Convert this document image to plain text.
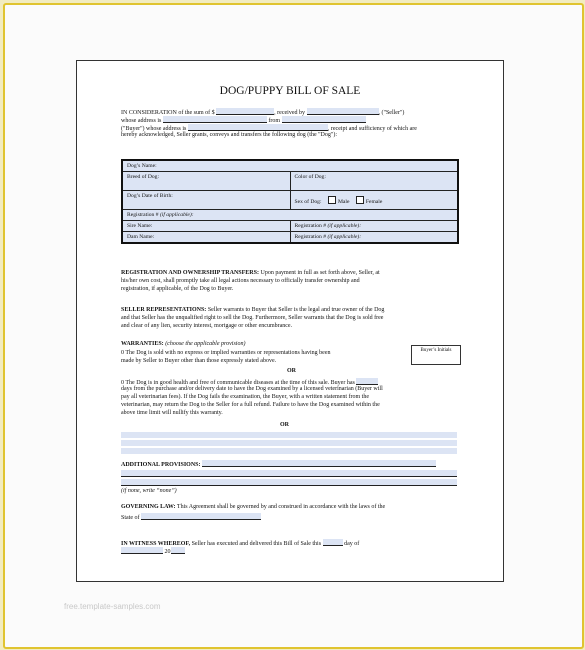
DOG/PUPPY BILL OF SALE
IN CONSIDERATION of the sum of $	, received by	, ("Seller")
whose address is	from
("Buyer") whose address is	, receipt and sufficiency of which are
hereby acknowledged, Seller grants, conveys and transfers the following dog (the "Dog"):
Dog’s Name:	
Breed of Dog:	Color of Dog:
Dog’s Date of Birth:	Sex of Dog: Male Female
Registration # (if applicable):	
Sire Name:	Registration # (if applicable):
Dam Name:	Registration # (if applicable):
REGISTRATION AND OWNERSHIP TRANSFERS: Upon payment in full as set forth above, Seller, at
his/her own cost, shall promptly take all legal actions necessary to officially transfer ownership and
registration, if applicable, of the Dog to Buyer.
SELLER REPRESENTATIONS: Seller warrants to Buyer that Seller is the legal and true owner of the Dog
and that Seller has the unqualified right to sell the Dog. Furthermore, Seller warrants that the Dog is sold free
and clear of any lien, security interest, mortgage or other encumbrance.
WARRANTIES: (choose the applicable provision)
0 The Dog is sold with no express or implied warranties or representations having been
made by Seller to Buyer other than those expressly stated above.
Buyer’s Initials
OR
0 The Dog is in good health and free of communicable diseases at the time of this sale. Buyer has
days from the purchase and/or delivery date to have the Dog examined by a licensed veterinarian (Buyer will
pay all veterinarian fees). If the Dog fails the examination, the Buyer, with a written statement from the
veterinarian, may return the Dog to the Seller for a full refund. Failure to have the Dog examined within the
above time limit will nullify this warranty.
OR
ADDITIONAL PROVISIONS:
(if none, write “none”)
GOVERNING LAW: This Agreement shall be governed by and construed in accordance with the laws of the
State of
IN WITNESS WHEREOF, Seller has executed and delivered this Bill of Sale this	day of
20
free.template-samples.com
